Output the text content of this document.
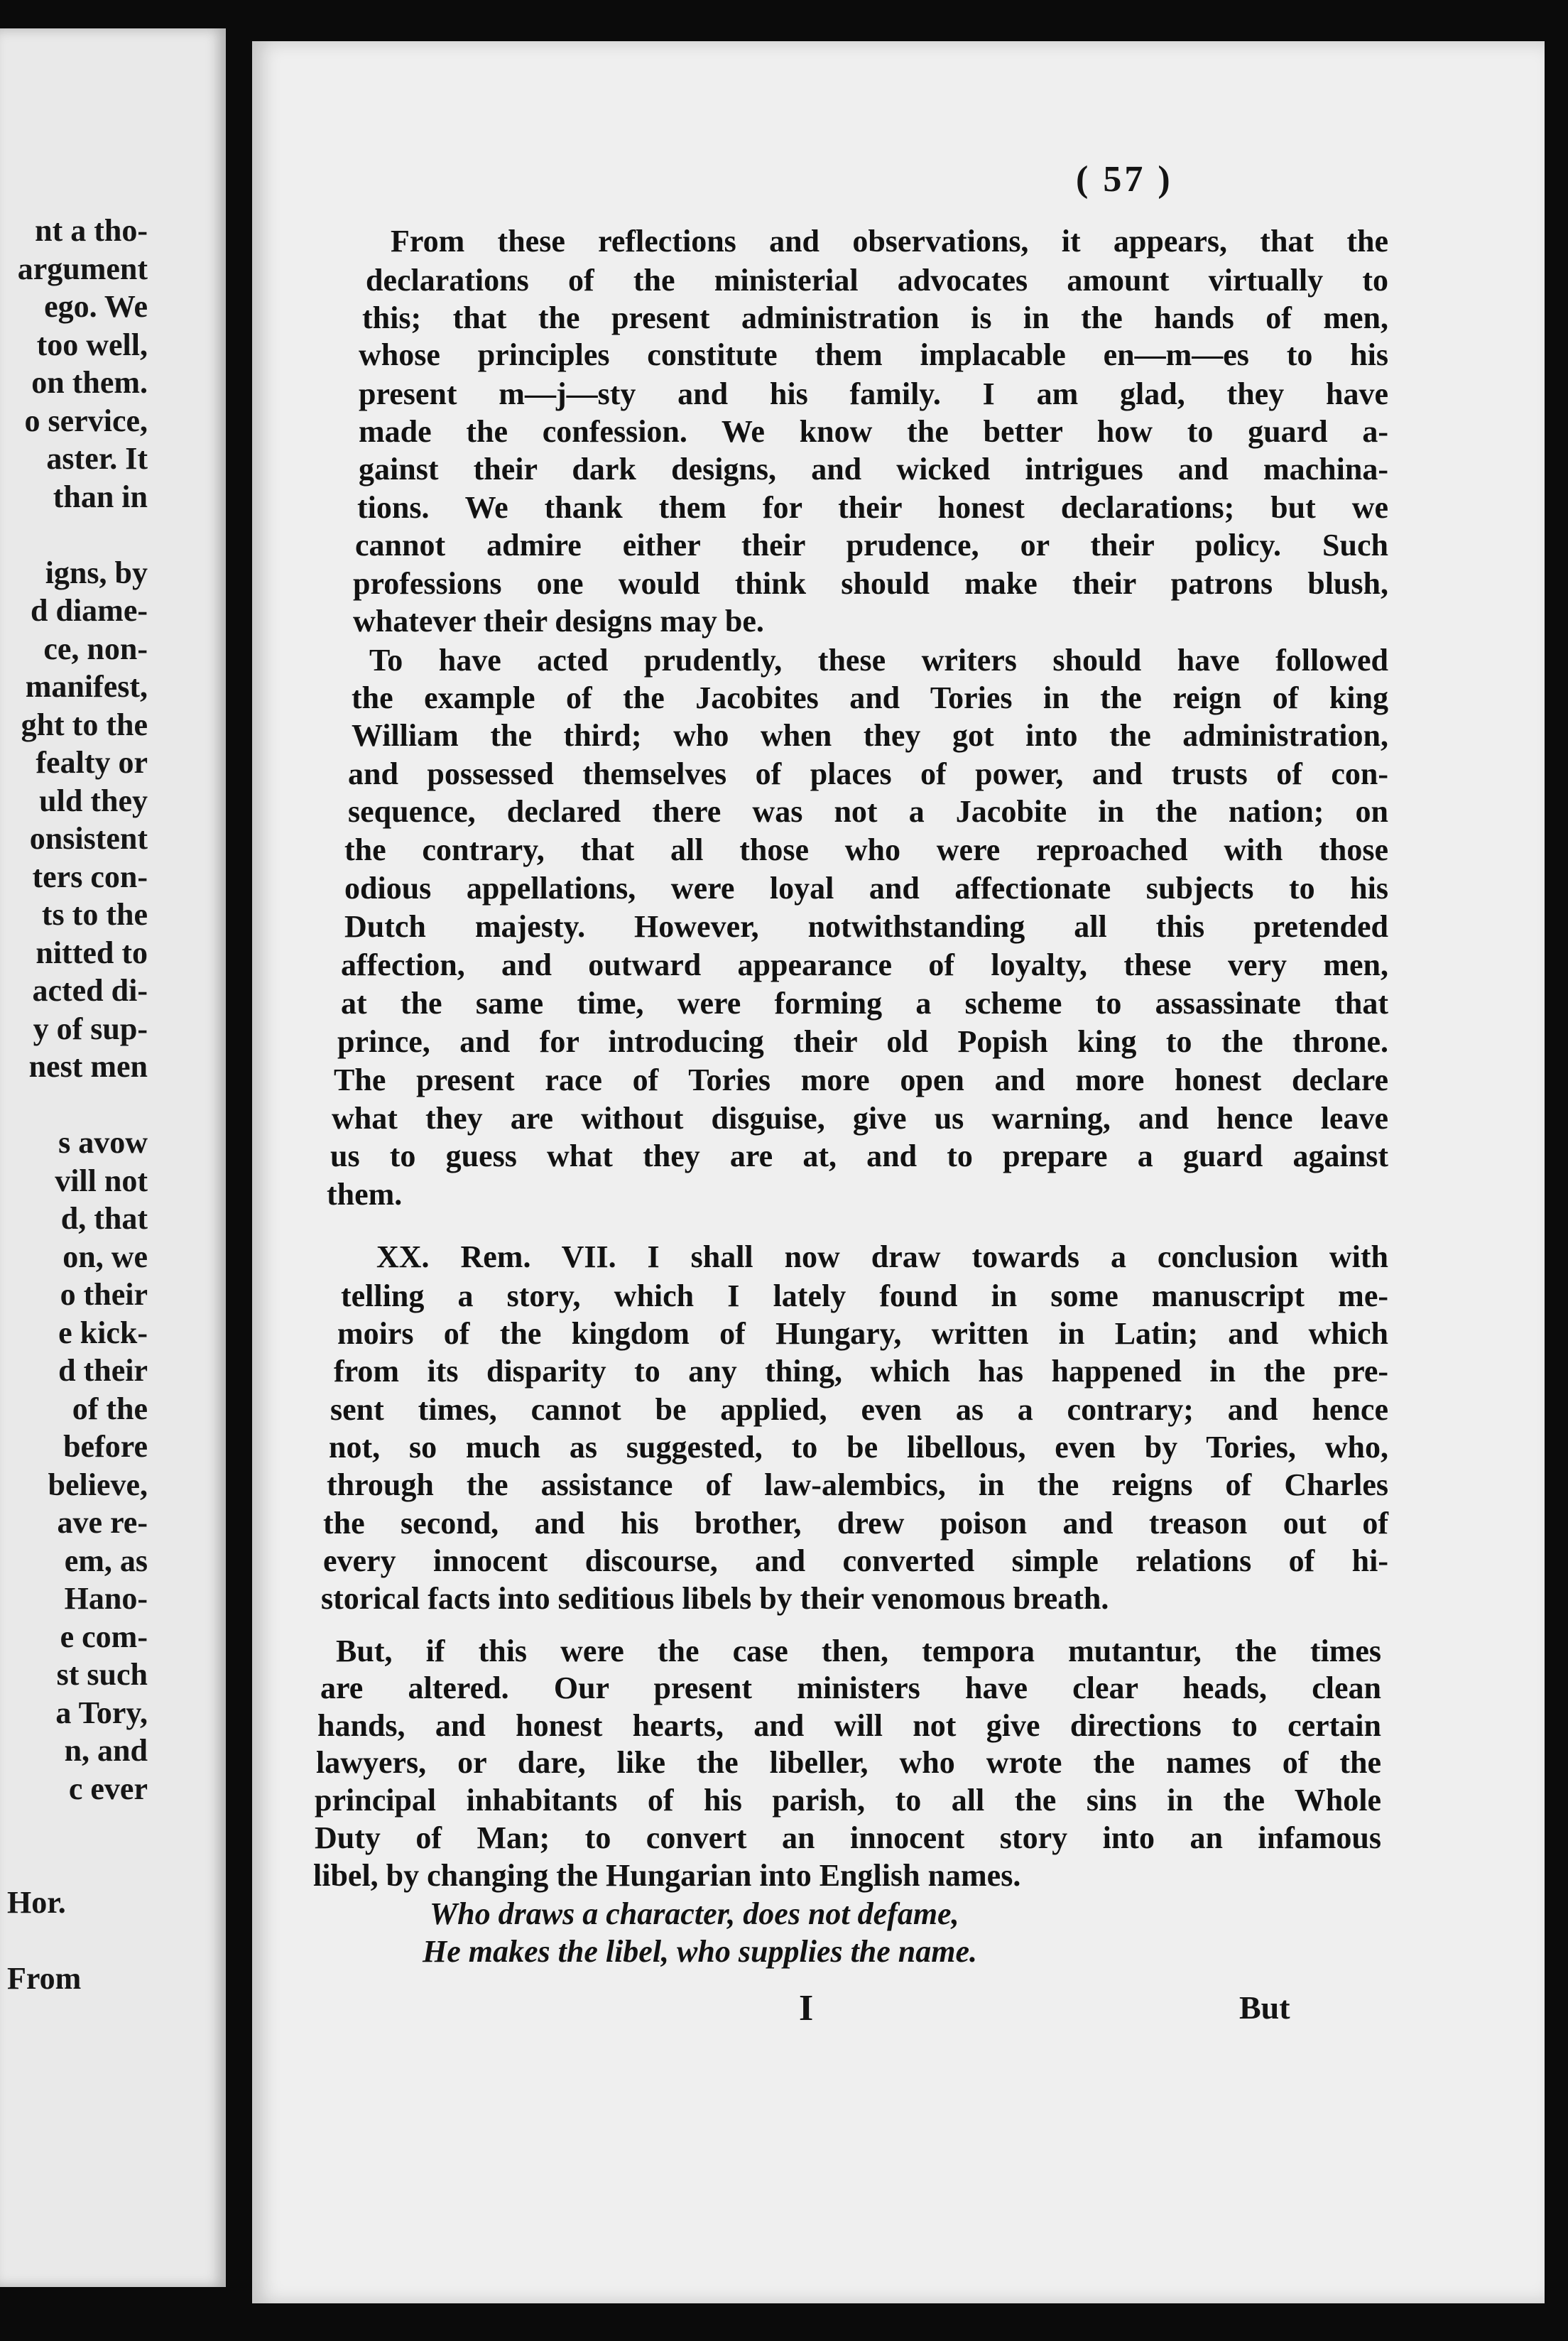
nt a tho-
argument
ego. We
too well,
on them.
o service,
aster. It
than in
igns, by
d diame-
ce, non-
manifest,
ght to the
fealty or
uld they
onsistent
ters con-
ts to the
nitted to
acted di-
y of sup-
nest men
s avow
vill not
d, that
on, we
o their
e kick-
d their
of the
before
believe,
ave re-
em, as
Hano-
e com-
st such
a Tory,
n, and
c ever
Hor.
From
( 57 )
From these reflections and observations, it appears, that the
declarations of the ministerial advocates amount virtually to
this; that the present administration is in the hands of men,
whose principles constitute them implacable en—m—es to his
present m—j—sty and his family. I am glad, they have
made the confession. We know the better how to guard a-
gainst their dark designs, and wicked intrigues and machina-
tions. We thank them for their honest declarations; but we
cannot admire either their prudence, or their policy. Such
professions one would think should make their patrons blush,
whatever their designs may be.
To have acted prudently, these writers should have followed
the example of the Jacobites and Tories in the reign of king
William the third; who when they got into the administration,
and possessed themselves of places of power, and trusts of con-
sequence, declared there was not a Jacobite in the nation; on
the contrary, that all those who were reproached with those
odious appellations, were loyal and affectionate subjects to his
Dutch majesty. However, notwithstanding all this pretended
affection, and outward appearance of loyalty, these very men,
at the same time, were forming a scheme to assassinate that
prince, and for introducing their old Popish king to the throne.
The present race of Tories more open and more honest declare
what they are without disguise, give us warning, and hence leave
us to guess what they are at, and to prepare a guard against
them.
XX. Rem. VII. I shall now draw towards a conclusion with
telling a story, which I lately found in some manuscript me-
moirs of the kingdom of Hungary, written in Latin; and which
from its disparity to any thing, which has happened in the pre-
sent times, cannot be applied, even as a contrary; and hence
not, so much as suggested, to be libellous, even by Tories, who,
through the assistance of law-alembics, in the reigns of Charles
the second, and his brother, drew poison and treason out of
every innocent discourse, and converted simple relations of hi-
storical facts into seditious libels by their venomous breath.
But, if this were the case then, tempora mutantur, the times
are altered. Our present ministers have clear heads, clean
hands, and honest hearts, and will not give directions to certain
lawyers, or dare, like the libeller, who wrote the names of the
principal inhabitants of his parish, to all the sins in the Whole
Duty of Man; to convert an innocent story into an infamous
libel, by changing the Hungarian into English names.
Who draws a character, does not defame,
He makes the libel, who supplies the name.
I	But
